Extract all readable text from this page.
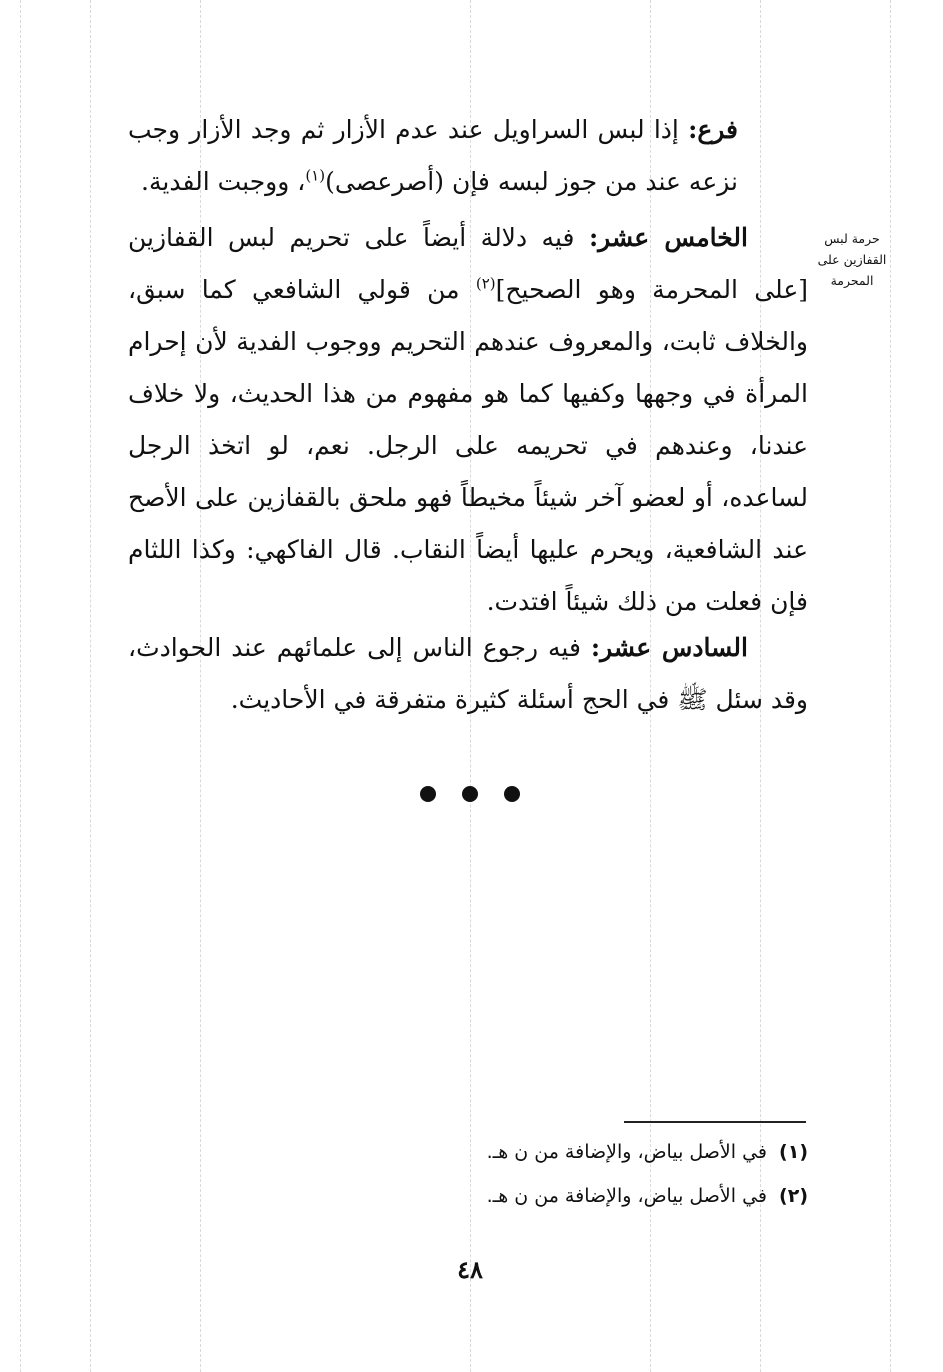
فرع: إذا لبس السراويل عند عدم الأزار ثم وجد الأزار وجب نزعه عند من جوز لبسه فإن (أصرعصى)$^{(١)}$، ووجبت الفدية.

حرمة لبس القفازين على المحرمة

الخامس عشر: فيه دلالة أيضاً على تحريم لبس القفازين [على المحرمة وهو الصحيح]$^{(٢)}$ من قولي الشافعي كما سبق، والخلاف ثابت، والمعروف عندهم التحريم ووجوب الفدية لأن إحرام المرأة في وجهها وكفيها كما هو مفهوم من هذا الحديث، ولا خلاف عندنا، وعندهم في تحريمه على الرجل. نعم، لو اتخذ الرجل لساعده، أو لعضو آخر شيئاً مخيطاً فهو ملحق بالقفازين على الأصح عند الشافعية، ويحرم عليها أيضاً النقاب. قال الفاكهي: وكذا اللثام فإن فعلت من ذلك شيئاً افتدت.

السادس عشر: فيه رجوع الناس إلى علمائهم عند الحوادث، وقد سئل ﷺ في الحج أسئلة كثيرة متفرقة في الأحاديث.

(١)في الأصل بياض، والإضافة من ن هـ.
(٢)في الأصل بياض، والإضافة من ن هـ.
٤٨
